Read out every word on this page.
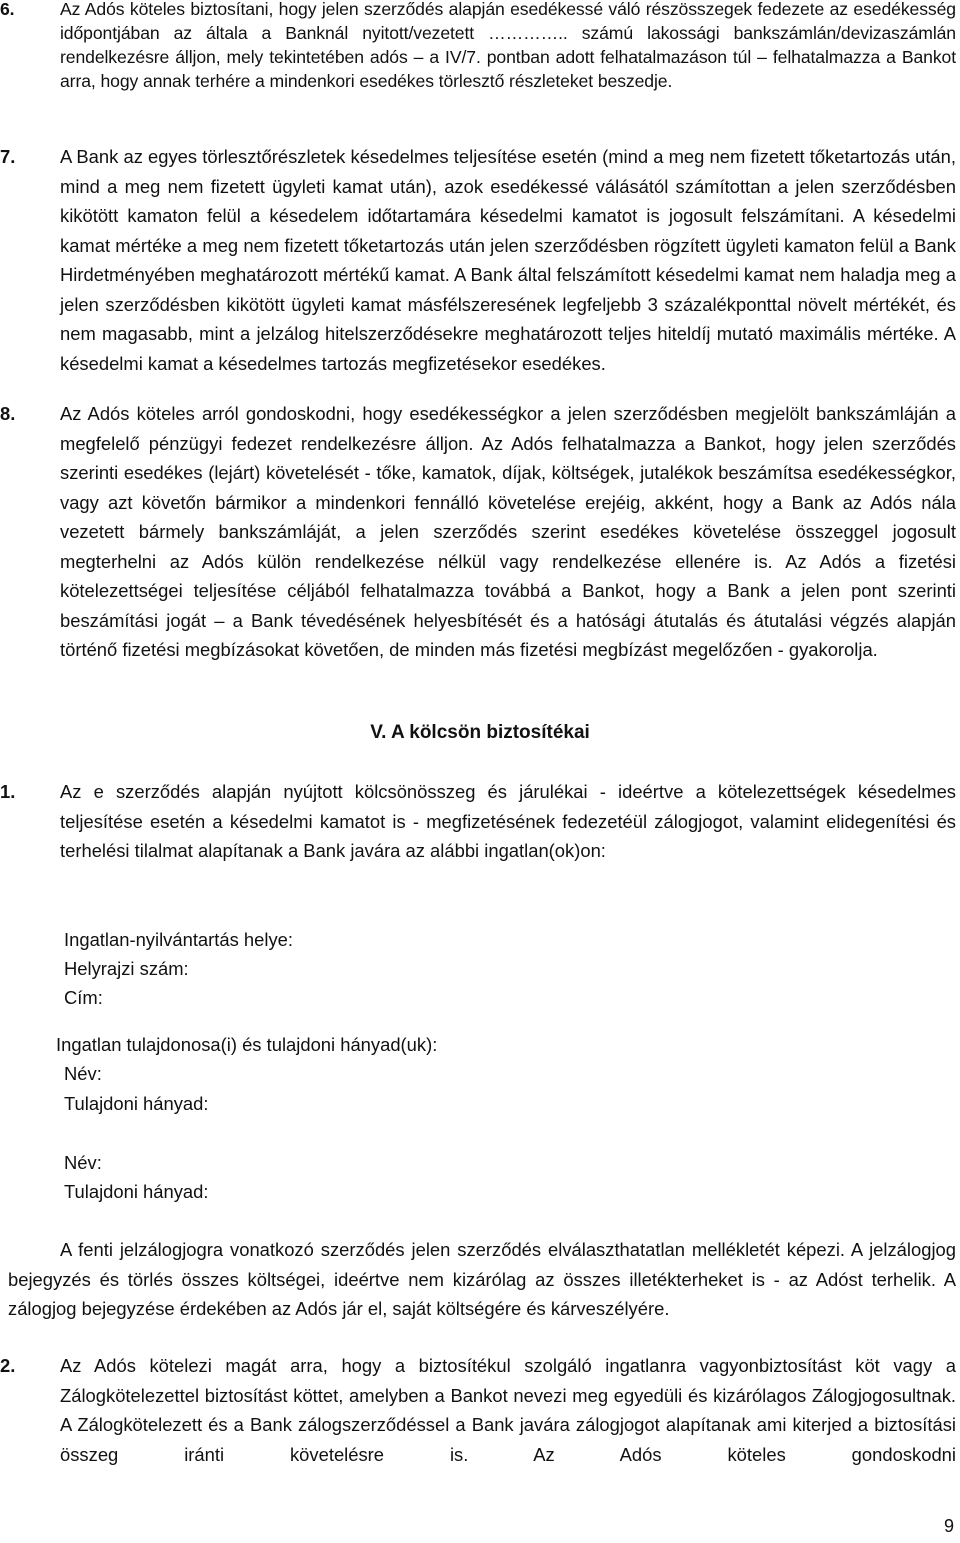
6.	Az Adós köteles biztosítani, hogy jelen szerződés alapján esedékessé váló részösszegek fedezete az esedékesség időpontjában az általa a Banknál nyitott/vezetett ………….. számú lakossági bankszámlán/devizaszámlán rendelkezésre álljon, mely tekintetében adós – a IV/7. pontban adott felhatalmazáson túl – felhatalmazza a Bankot arra, hogy annak terhére a mindenkori esedékes törlesztő részleteket beszedje.

7. A Bank az egyes törlesztőrészletek késedelmes teljesítése esetén (mind a meg nem fizetett tőketartozás után, mind a meg nem fizetett ügyleti kamat után), azok esedékessé válásától számítottan a jelen szerződésben kikötött kamaton felül a késedelem időtartamára késedelmi kamatot is jogosult felszámítani. A késedelmi kamat mértéke a meg nem fizetett tőketartozás után jelen szerződésben rögzített ügyleti kamaton felül a Bank Hirdetményében meghatározott mértékű kamat. A Bank által felszámított késedelmi kamat nem haladja meg a jelen szerződésben kikötött ügyleti kamat másfélszeresének legfeljebb 3 százalékponttal növelt mértékét, és nem magasabb, mint a jelzálog hitelszerződésekre meghatározott teljes hiteldíj mutató maximális mértéke. A késedelmi kamat a késedelmes tartozás megfizetésekor esedékes.

8. Az Adós köteles arról gondoskodni, hogy esedékességkor a jelen szerződésben megjelölt bankszámláján a megfelelő pénzügyi fedezet rendelkezésre álljon. Az Adós felhatalmazza a Bankot, hogy jelen szerződés szerinti esedékes (lejárt) követelését - tőke, kamatok, díjak, költségek, jutalékok beszámítsa esedékességkor, vagy azt követőn bármikor a mindenkori fennálló követelése erejéig, akként, hogy a Bank az Adós nála vezetett bármely bankszámláját, a jelen szerződés szerint esedékes követelése összeggel jogosult megterhelni az Adós külön rendelkezése nélkül vagy rendelkezése ellenére is. Az Adós a fizetési kötelezettségei teljesítése céljából felhatalmazza továbbá a Bankot, hogy a Bank a jelen pont szerinti beszámítási jogát – a Bank tévedésének helyesbítését és a hatósági átutalás és átutalási végzés alapján történő fizetési megbízásokat követően, de minden más fizetési megbízást megelőzően - gyakorolja.

V. A kölcsön biztosítékai
1. Az e szerződés alapján nyújtott kölcsönösszeg és járulékai - ideértve a kötelezettségek késedelmes teljesítése esetén a késedelmi kamatot is - megfizetésének fedezetéül zálogjogot, valamint elidegenítési és terhelési tilalmat alapítanak a Bank javára az alábbi ingatlan(ok)on:

Ingatlan-nyilvántartás helye:
Helyrajzi szám:
Cím:
Ingatlan tulajdonosa(i) és tulajdoni hányad(uk):
Név:
Tulajdoni hányad:
Név:
Tulajdoni hányad:

A fenti jelzálogjogra vonatkozó szerződés jelen szerződés elválaszthatatlan mellékletét képezi. A jelzálogjog bejegyzés és törlés összes költségei, ideértve nem kizárólag az összes illetékterheket is - az Adóst terhelik. A zálogjog bejegyzése érdekében az Adós jár el, saját költségére és kárveszélyére.

2. Az Adós kötelezi magát arra, hogy a biztosítékul szolgáló ingatlanra vagyonbiztosítást köt vagy a Zálogkötelezettel biztosítást köttet, amelyben a Bankot nevezi meg egyedüli és kizárólagos Zálogjogosultnak. A Zálogkötelezett és a Bank zálogszerződéssel a Bank javára zálogjogot alapítanak ami kiterjed a biztosítási összeg iránti követelésre is. Az Adós köteles gondoskodni

9
